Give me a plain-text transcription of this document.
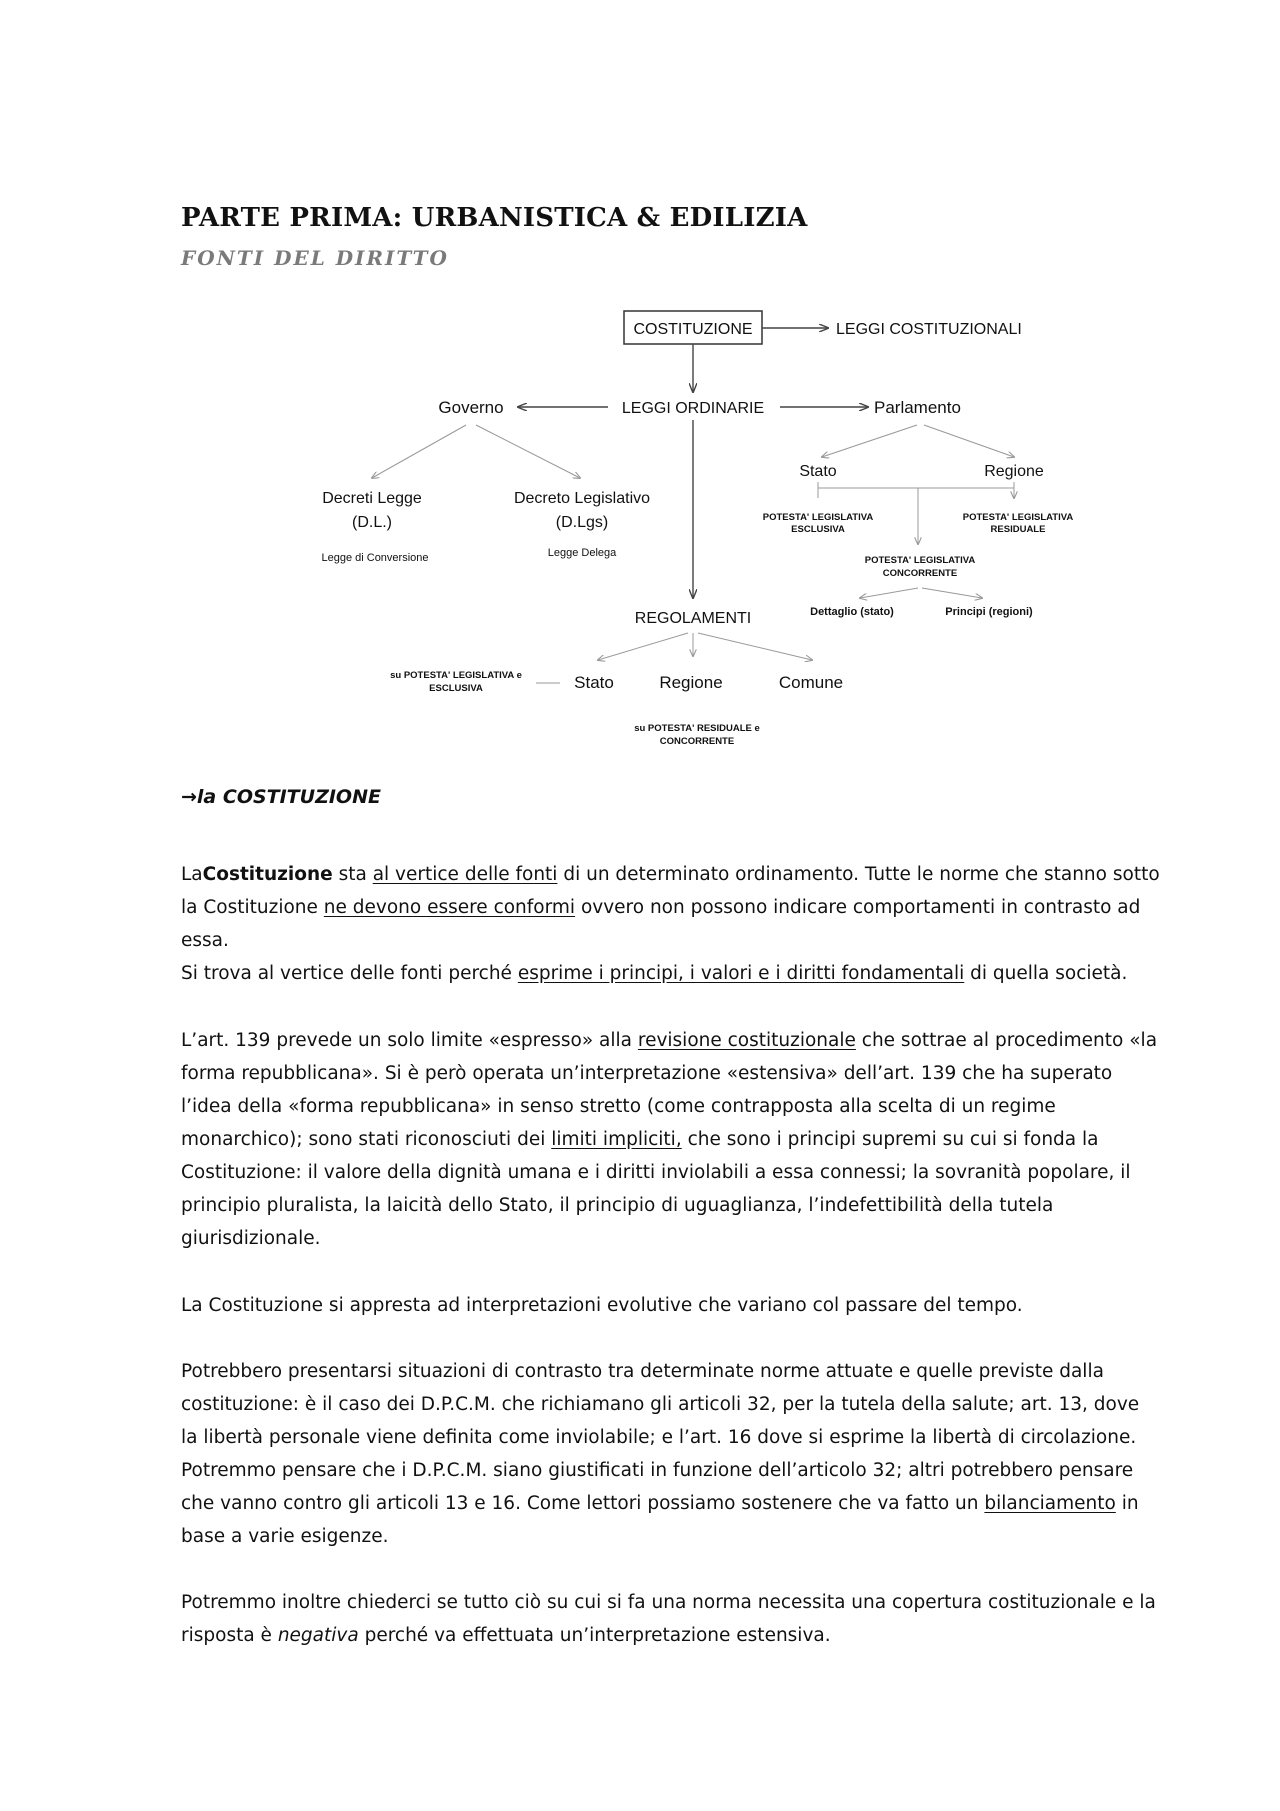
PARTE PRIMA: URBANISTICA & EDILIZIA
FONTI DEL DIRITTO
COSTITUZIONE	LEGGI COSTITUZIONALI
LEGGI ORDINARIE
Governo	Parlamento
Decreti Legge
(D.L.)
Legge di Conversione
Decreto Legislativo
(D.Lgs)
Legge Delega
Stato	Regione
POTESTA' LEGISLATIVA
ESCLUSIVA
POTESTA' LEGISLATIVA
RESIDUALE
POTESTA' LEGISLATIVA
CONCORRENTE
Dettaglio (stato)	Principi (regioni)
REGOLAMENTI
Stato	Regione	Comune
su POTESTA' LEGISLATIVA e
ESCLUSIVA
su POTESTA' RESIDUALE e
CONCORRENTE
→la COSTITUZIONE

LaCostituzione sta al vertice delle fonti di un determinato ordinamento. Tutte le norme che stanno sotto la Costituzione ne devono essere conformi ovvero non possono indicare comportamenti in contrasto ad essa.
Si trova al vertice delle fonti perché esprime i principi, i valori e i diritti fondamentali di quella società.

L’art. 139 prevede un solo limite «espresso» alla revisione costituzionale che sottrae al procedimento «la forma repubblicana». Si è però operata un’interpretazione «estensiva» dell’art. 139 che ha superato l’idea della «forma repubblicana» in senso stretto (come contrapposta alla scelta di un regime monarchico); sono stati riconosciuti dei limiti impliciti, che sono i principi supremi su cui si fonda la Costituzione: il valore della dignità umana e i diritti inviolabili a essa connessi; la sovranità popolare, il principio pluralista, la laicità dello Stato, il principio di uguaglianza, l’indefettibilità della tutela giurisdizionale.

La Costituzione si appresta ad interpretazioni evolutive che variano col passare del tempo.

Potrebbero presentarsi situazioni di contrasto tra determinate norme attuate e quelle previste dalla costituzione: è il caso dei D.P.C.M. che richiamano gli articoli 32, per la tutela della salute; art. 13, dove la libertà personale viene definita come inviolabile; e l’art. 16 dove si esprime la libertà di circolazione. Potremmo pensare che i D.P.C.M. siano giustificati in funzione dell’articolo 32; altri potrebbero pensare che vanno contro gli articoli 13 e 16. Come lettori possiamo sostenere che va fatto un bilanciamento in base a varie esigenze.

Potremmo inoltre chiederci se tutto ciò su cui si fa una norma necessita una copertura costituzionale e la risposta è negativa perché va effettuata un’interpretazione estensiva.
